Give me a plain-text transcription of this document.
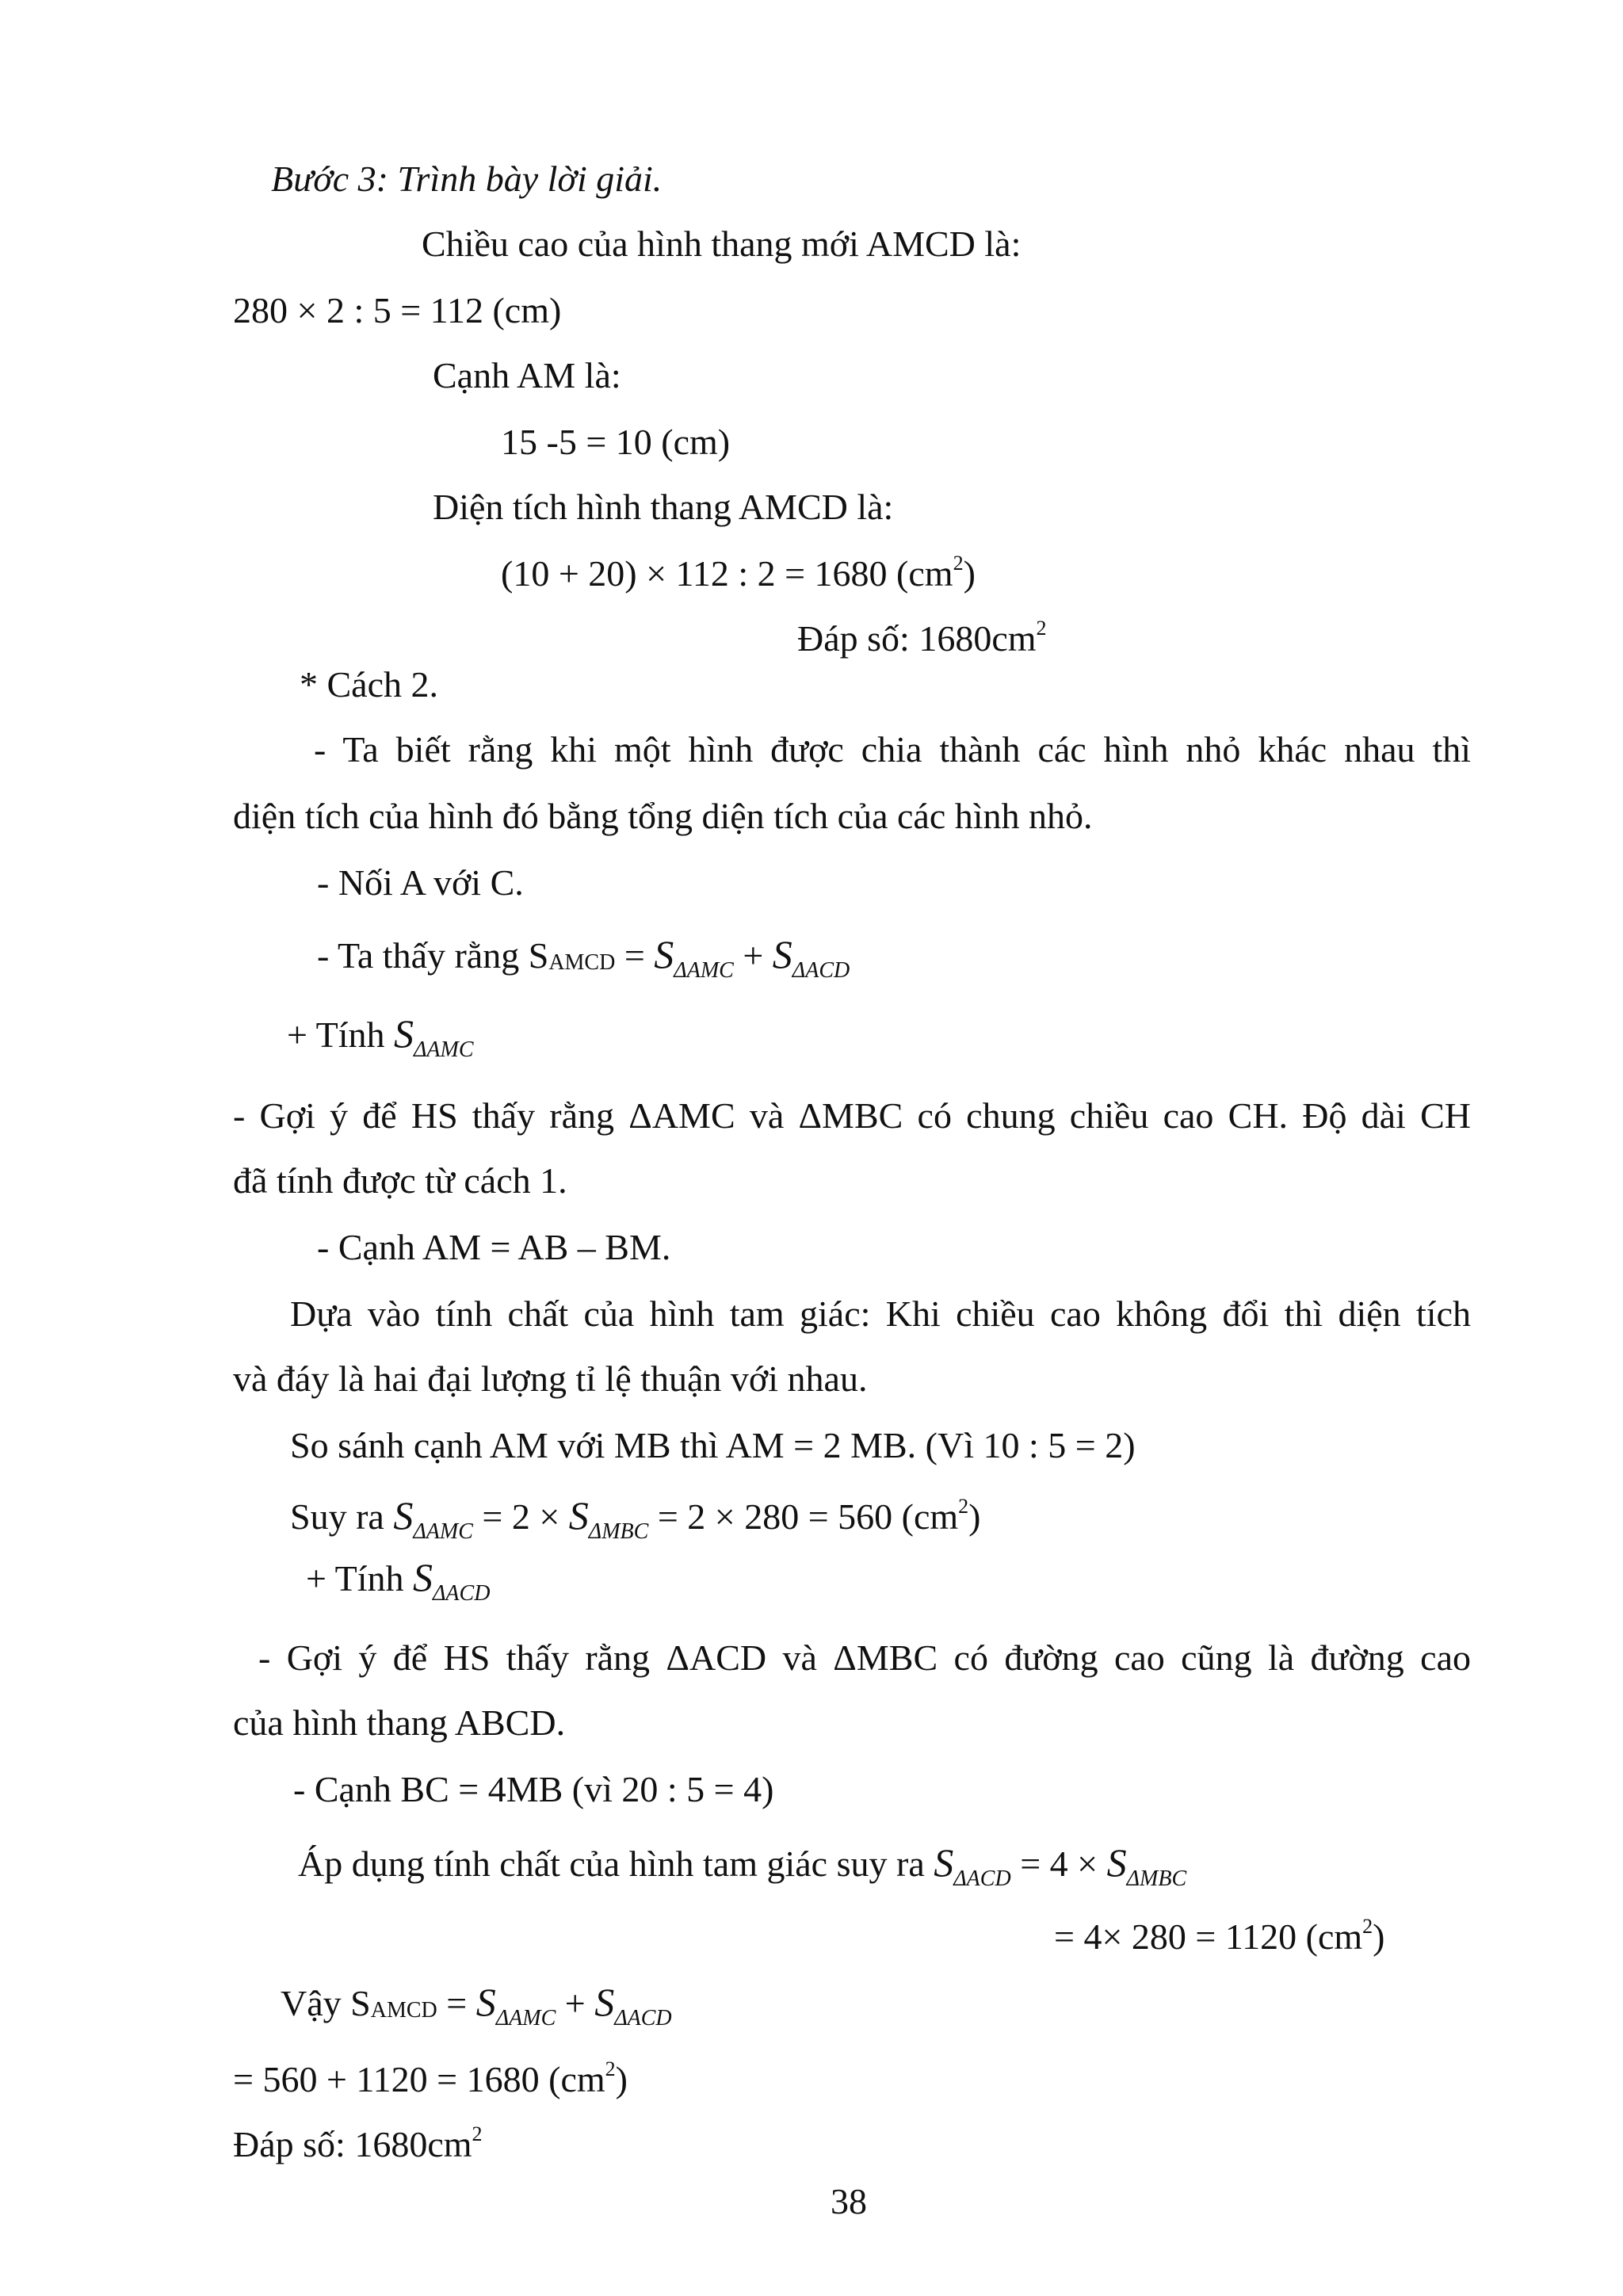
Bước 3: Trình bày lời giải.
Chiều cao của hình thang mới AMCD là:
280 × 2 : 5 = 112 (cm)
Cạnh AM là:
15 -5 = 10 (cm)
Diện tích hình thang AMCD là:
(10 + 20) × 112 : 2 = 1680 $(cm^2)$
Đáp số: $1680cm^2$
* Cách 2.
- Ta biết rằng khi một hình được chia thành các hình nhỏ khác nhau thì
diện tích của hình đó bằng tổng diện tích của các hình nhỏ.
- Nối A với C.
- Ta thấy rằng SAMCD = $S_{\Delta AMC} + S_{\Delta ACD}$
+ Tính $S_{\Delta AMC}$
- Gợi ý để HS thấy rằng ΔAMC và ΔMBC có chung chiều cao CH. Độ dài CH
đã tính được từ cách 1.
- Cạnh AM = AB – BM.
Dựa vào tính chất của hình tam giác: Khi chiều cao không đổi thì diện tích
và đáy là hai đại lượng tỉ lệ thuận với nhau.
So sánh cạnh AM với MB thì AM = 2 MB. (Vì 10 : 5 = 2)
Suy ra $S_{\Delta AMC} = 2 \times S_{\Delta MBC} = 2 \times 280 = 560$ $(cm^2)$
+ Tính $S_{\Delta ACD}$
- Gợi ý để HS thấy rằng ΔACD và ΔMBC có đường cao cũng là đường cao
của hình thang ABCD.
- Cạnh BC = 4MB (vì 20 : 5 = 4)
Áp dụng tính chất của hình tam giác suy ra $S_{\Delta ACD} = 4 \times S_{\Delta MBC}$
= 4× 280 = 1120 $(cm^2)$
Vậy SAMCD = $S_{\Delta AMC} + S_{\Delta ACD}$
= 560 + 1120 = 1680 $(cm^2)$
Đáp số: $1680cm^2$
38
